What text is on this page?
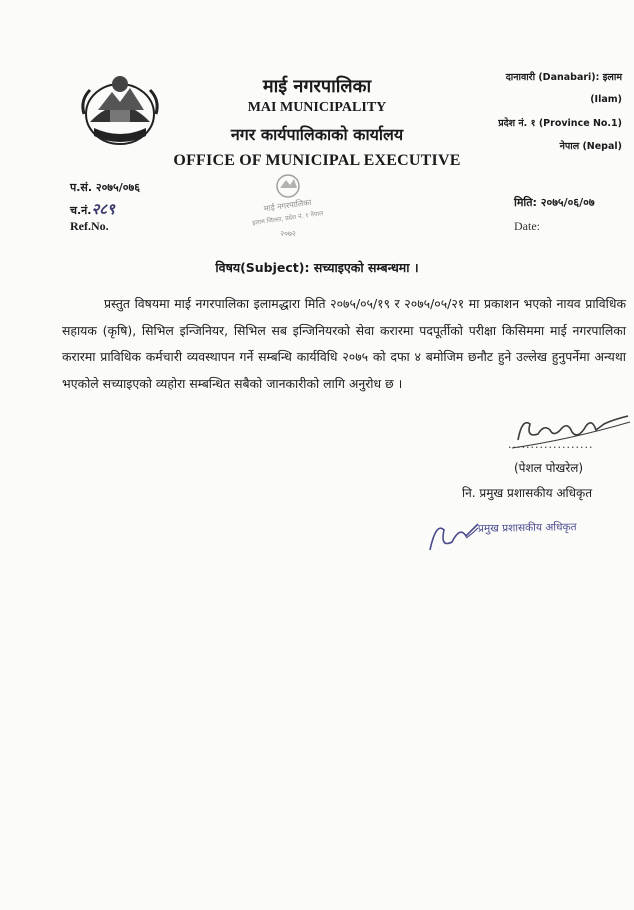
माई नगरपालिका
MAI MUNICIPALITY
नगर कार्यपालिकाको कार्यालय
OFFICE OF MUNICIPAL EXECUTIVE
दानावारी (Danabari): इलाम
(Ilam)
प्रदेश नं. १ (Province No.1)
नेपाल (Nepal)
प.सं. २०७५/०७६
च.नं.२८९
Ref.No.
माई नगरपालिका
इलाम जिल्ला, प्रदेश नं. १ नेपाल
२०७२
मिति: २०७५/०६/०७
Date:
विषय(Subject): सच्याइएको सम्बन्धमा ।
प्रस्तुत विषयमा माई नगरपालिका इलामद्धारा मिति २०७५/०५/१९ र २०७५/०५/२१ मा प्रकाशन भएको नायव प्राविधिक सहायक (कृषि), सिभिल इन्जिनियर, सिभिल सब इन्जिनियरको सेवा करारमा पदपूर्तीको परीक्षा किसिममा माई नगरपालिका करारमा प्राविधिक कर्मचारी व्यवस्थापन गर्ने सम्बन्धि कार्यविधि २०७५ को दफा ४ बमोजिम छनौट हुने उल्लेख हुनुपर्नेमा अन्यथा भएकोले सच्याइएको व्यहोरा सम्बन्धित सबैको जानकारीको लागि अनुरोध छ ।
...................
(पेशल पोखरेल)
नि. प्रमुख प्रशासकीय अधिकृत
प्रमुख प्रशासकीय अधिकृत
